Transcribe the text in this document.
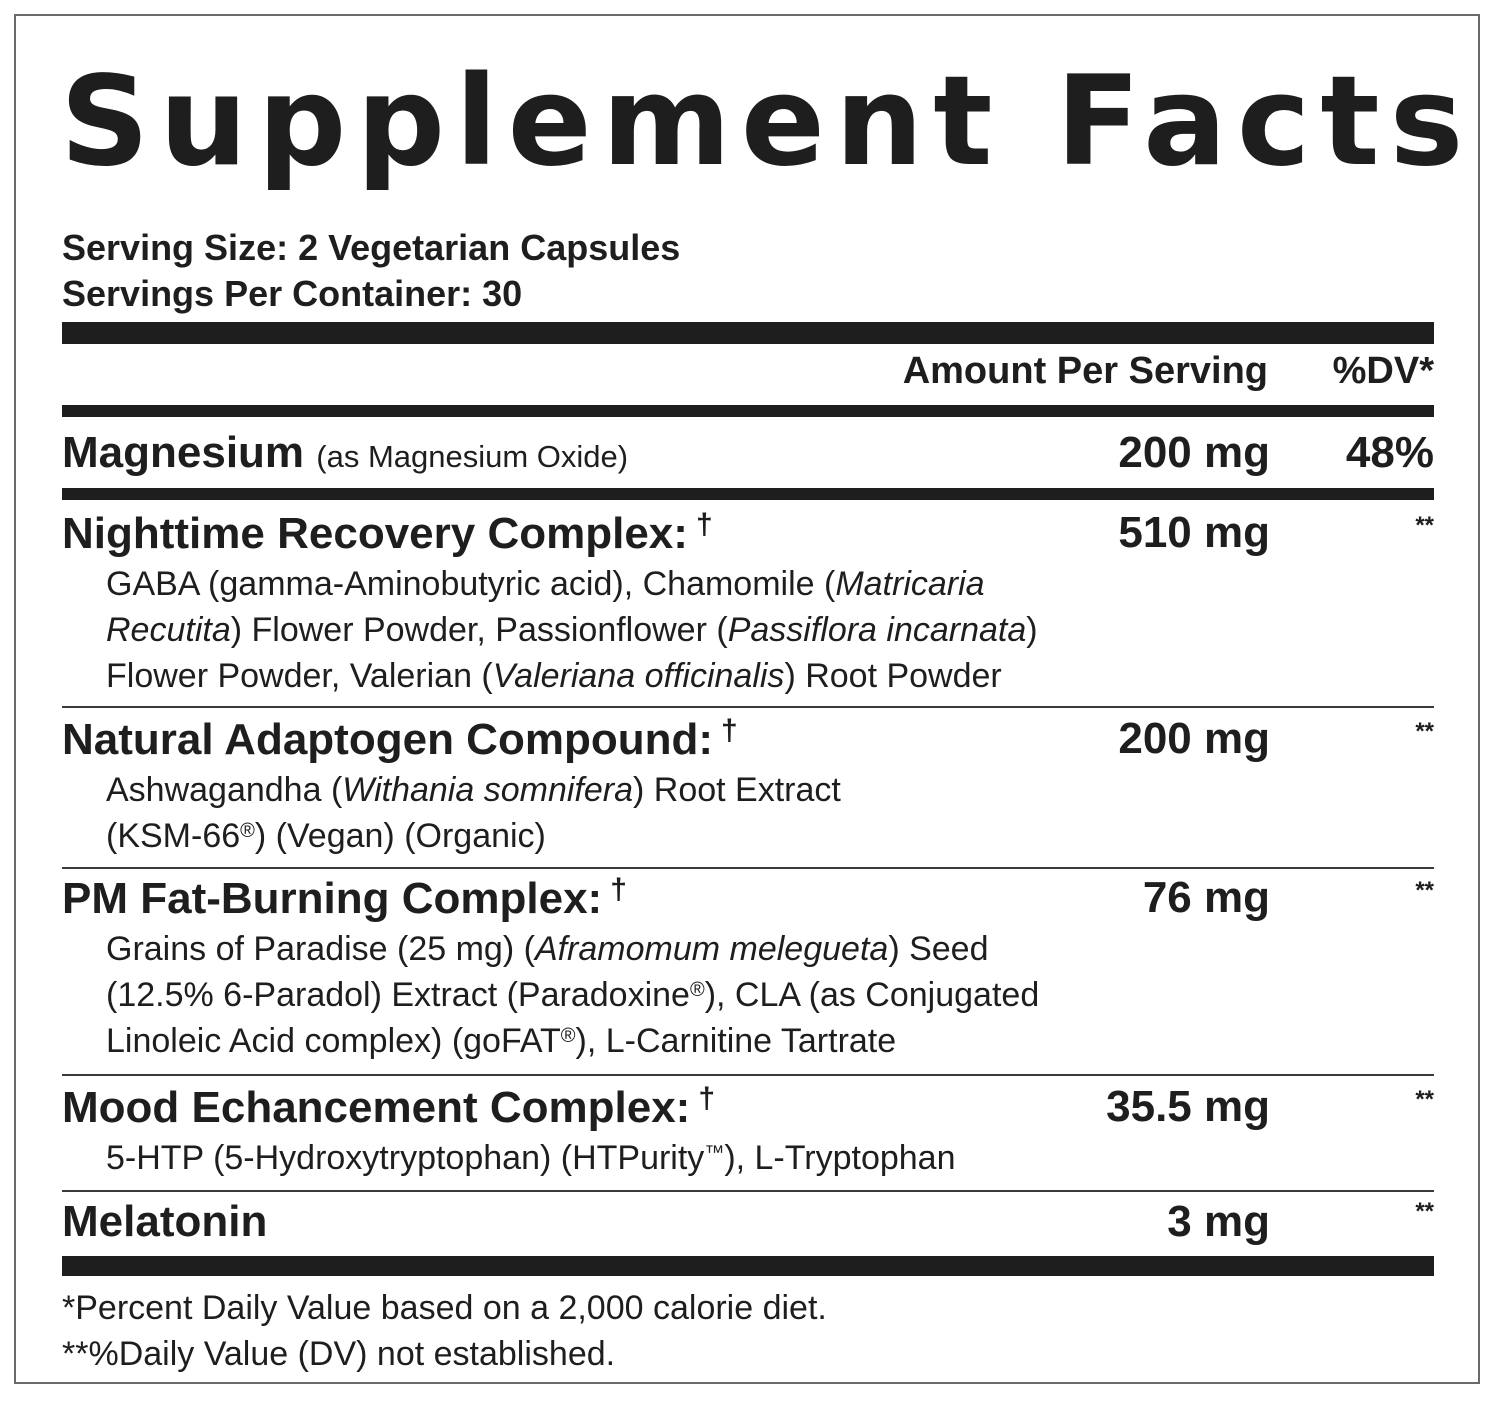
Supplement Facts
Serving Size: 2 Vegetarian Capsules
Servings Per Container: 30
Amount Per Serving %DV*
Magnesium (as Magnesium Oxide)	200 mg	48%
Nighttime Recovery Complex: †	510 mg	**
GABA (gamma-Aminobutyric acid), Chamomile (Matricaria
Recutita) Flower Powder, Passionflower (Passiflora incarnata)
Flower Powder, Valerian (Valeriana officinalis) Root Powder
Natural Adaptogen Compound: †	200 mg	**
Ashwagandha (Withania somnifera) Root Extract
(KSM-66®) (Vegan) (Organic)
PM Fat-Burning Complex: †	76 mg	**
Grains of Paradise (25 mg) (Aframomum melegueta) Seed
(12.5% 6-Paradol) Extract (Paradoxine®), CLA (as Conjugated
Linoleic Acid complex) (goFAT®), L-Carnitine Tartrate
Mood Echancement Complex: †	35.5 mg	**
5-HTP (5-Hydroxytryptophan) (HTPurity™), L-Tryptophan
Melatonin	3 mg	**
*Percent Daily Value based on a 2,000 calorie diet.
**%Daily Value (DV) not established.
